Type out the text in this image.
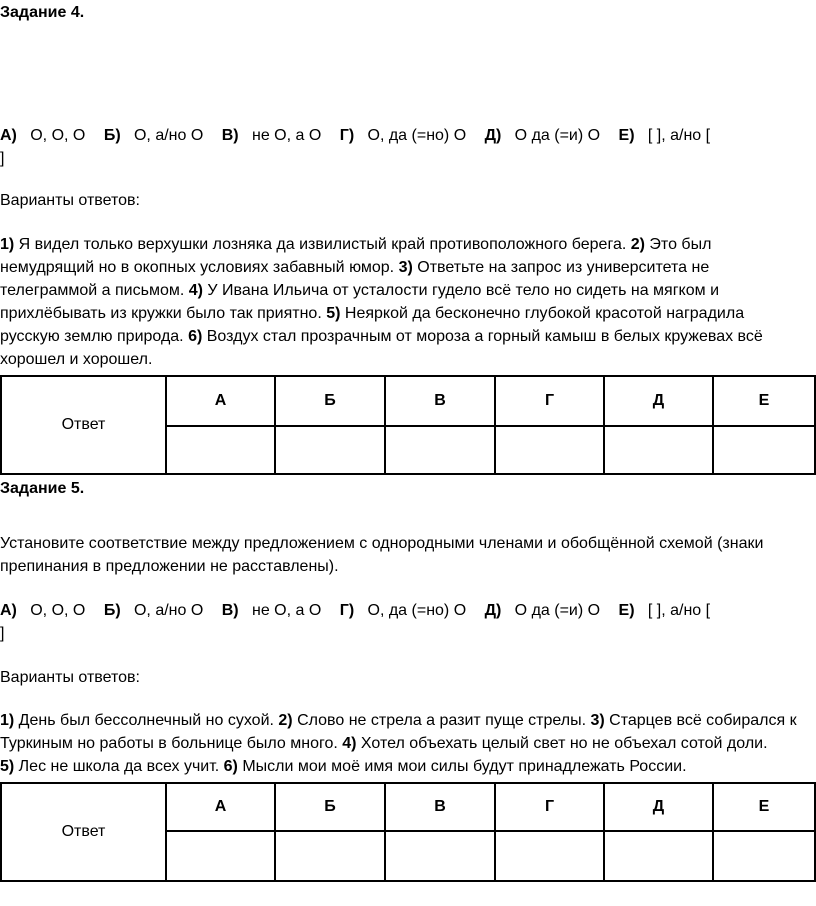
Задание 4.
А) О, О, О Б) О, а/но О В) не О, а О Г) О, да (=но) О Д) О да (=и) О Е) [ ], а/но [
]
Варианты ответов:
1) Я видел только верхушки лозняка да извилистый край противоположного берега. 2) Это был
немудрящий но в окопных условиях забавный юмор. 3) Ответьте на запрос из университета не
телеграммой а письмом. 4) У Ивана Ильича от усталости гудело всё тело но сидеть на мягком и
прихлёбывать из кружки было так приятно. 5) Неяркой да бесконечно глубокой красотой наградила
русскую землю природа. 6) Воздух стал прозрачным от мороза а горный камыш в белых кружевах всё
хорошел и хорошел.
Ответ	А	Б	В	Г	Д	Е

Задание 5.
Установите соответствие между предложением с однородными членами и обобщённой схемой (знаки
препинания в предложении не расставлены).
А) О, О, О Б) О, а/но О В) не О, а О Г) О, да (=но) О Д) О да (=и) О Е) [ ], а/но [
]
Варианты ответов:
1) День был бессолнечный но сухой. 2) Слово не стрела а разит пуще стрелы. 3) Старцев всё собирался к
Туркиным но работы в больнице было много. 4) Хотел объехать целый свет но не объехал сотой доли.
5) Лес не школа да всех учит. 6) Мысли мои моё имя мои силы будут принадлежать России.
Ответ	А	Б	В	Г	Д	Е
